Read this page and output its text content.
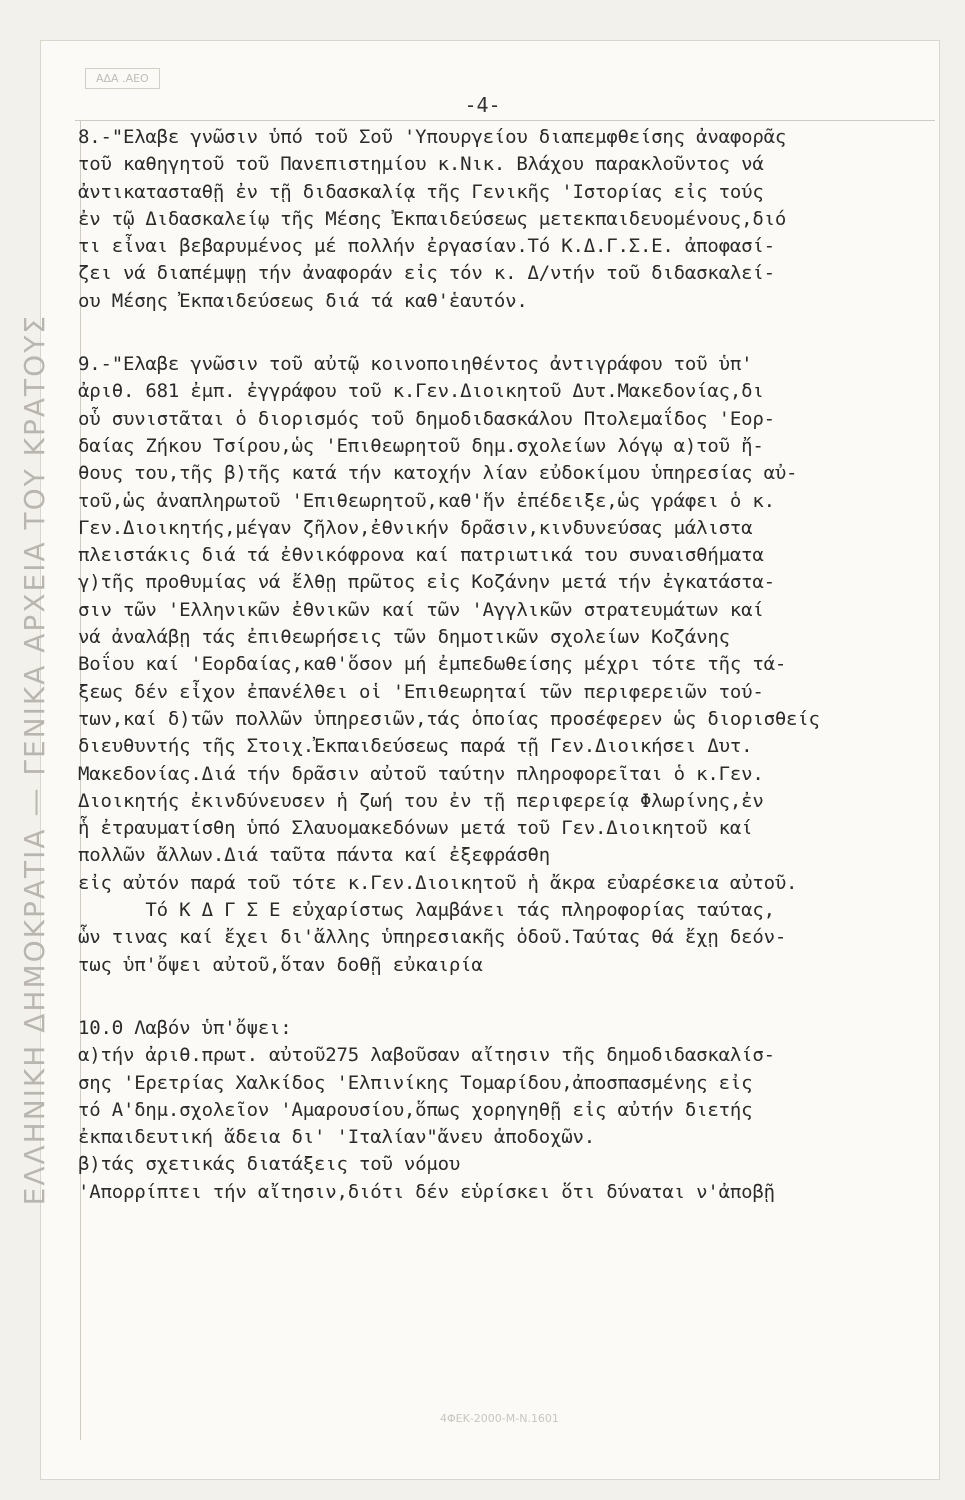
ΕΛΛΗΝΙΚΗ ΔΗΜΟΚΡΑΤΙΑ — ΓΕΝΙΚΑ ΑΡΧΕΙΑ ΤΟΥ ΚΡΑΤΟΥΣ
ΑΔΑ .ΑΕΟ
-4-
8.-"Ελαβε γνῶσιν ὑπό τοῦ Σοῦ 'Υπουργείου διαπεμφθείσης ἀναφορᾶς
τοῦ καθηγητοῦ τοῦ Πανεπιστημίου κ.Νικ. Βλάχου παρακλοῦντος νά
ἀντικατασταθῇ ἐν τῇ διδασκαλίᾳ τῆς Γενικῆς 'Ιστορίας εἰς τούς
ἐν τῷ Διδασκαλείῳ τῆς Μέσης Ἐκπαιδεύσεως μετεκπαιδευομένους,διό
τι εἶναι βεβαρυμένος μέ πολλήν ἐργασίαν.Τό Κ.Δ.Γ.Σ.Ε. ἀποφασί-
ζει νά διαπέμψῃ τήν ἀναφοράν εἰς τόν κ. Δ/ντήν τοῦ διδασκαλεί-
ου Μέσης Ἐκπαιδεύσεως διά τά καθ'ἑαυτόν.
9.-"Ελαβε γνῶσιν τοῦ αὐτῷ κοινοποιηθέντος ἀντιγράφου τοῦ ὑπ'
ἀριθ. 681 ἐμπ. ἐγγράφου τοῦ κ.Γεν.Διοικητοῦ Δυτ.Μακεδονίας,δι
οὗ συνιστᾶται ὁ διορισμός τοῦ δημοδιδασκάλου Πτολεμαΐδος 'Εορ-
δαίας Ζήκου Τσίρου,ὡς 'Επιθεωρητοῦ δημ.σχολείων λόγῳ α)τοῦ ἤ-
θους του,τῆς β)τῆς κατά τήν κατοχήν λίαν εὐδοκίμου ὑπηρεσίας αὐ-
τοῦ,ὡς ἀναπληρωτοῦ 'Επιθεωρητοῦ,καθ'ἥν ἐπέδειξε,ὡς γράφει ὁ κ.
Γεν.Διοικητής,μέγαν ζῆλον,ἐθνικήν δρᾶσιν,κινδυνεύσας μάλιστα
πλειστάκις διά τά ἐθνικόφρονα καί πατριωτικά του συναισθήματα
γ)τῆς προθυμίας νά ἔλθῃ πρῶτος εἰς Κοζάνην μετά τήν ἐγκατάστα-
σιν τῶν 'Ελληνικῶν ἐθνικῶν καί τῶν 'Αγγλικῶν στρατευμάτων καί
νά ἀναλάβῃ τάς ἐπιθεωρήσεις τῶν δημοτικῶν σχολείων Κοζάνης
Βοΐου καί 'Εορδαίας,καθ'ὅσον μή ἐμπεδωθείσης μέχρι τότε τῆς τά-
ξεως δέν εἶχον ἐπανέλθει οἱ 'Επιθεωρηταί τῶν περιφερειῶν τού-
των,καί δ)τῶν πολλῶν ὑπηρεσιῶν,τάς ὁποίας προσέφερεν ὡς διορισθείς
διευθυντής τῆς Στοιχ.Ἐκπαιδεύσεως παρά τῇ Γεν.Διοικήσει Δυτ.
Μακεδονίας.Διά τήν δρᾶσιν αὐτοῦ ταύτην πληροφορεῖται ὁ κ.Γεν.
Διοικητής ἐκινδύνευσεν ἡ ζωή του ἐν τῇ περιφερείᾳ Φλωρίνης,ἐν
ἧ ἐτραυματίσθη ὑπό Σλαυομακεδόνων μετά τοῦ Γεν.Διοικητοῦ καί
πολλῶν ἄλλων.Διά ταῦτα πάντα καί ἐξεφράσθη
εἰς αὐτόν παρά τοῦ τότε κ.Γεν.Διοικητοῦ ἡ ἄκρα εὐαρέσκεια αὐτοῦ.
Τό Κ Δ Γ Σ Ε εὐχαρίστως λαμβάνει τάς πληροφορίας ταύτας,
ὧν τινας καί ἔχει δι'ἄλλης ὑπηρεσιακῆς ὁδοῦ.Ταύτας θά ἔχῃ δεόν-
τως ὑπ'ὄψει αὐτοῦ,ὅταν δοθῇ εὐκαιρία
10.Θ Λαβόν ὑπ'ὄψει:
α)τήν ἀριθ.πρωτ. αὐτοῦ275 λαβοῦσαν αἴτησιν τῆς δημοδιδασκαλίσ-
σης 'Ερετρίας Χαλκίδος 'Ελπινίκης Τομαρίδου,ἀποσπασμένης εἰς
τό Α'δημ.σχολεῖον 'Αμαρουσίου,ὅπως χορηγηθῇ εἰς αὐτήν διετής
ἐκπαιδευτική ἄδεια δι' 'Ιταλίαν"ἄνευ ἀποδοχῶν.
β)τάς σχετικάς διατάξεις τοῦ νόμου
'Απορρίπτει τήν αἴτησιν,διότι δέν εὑρίσκει ὅτι δύναται ν'ἀποβῇ
4ΦΕΚ-2000-Μ-Ν.1601
